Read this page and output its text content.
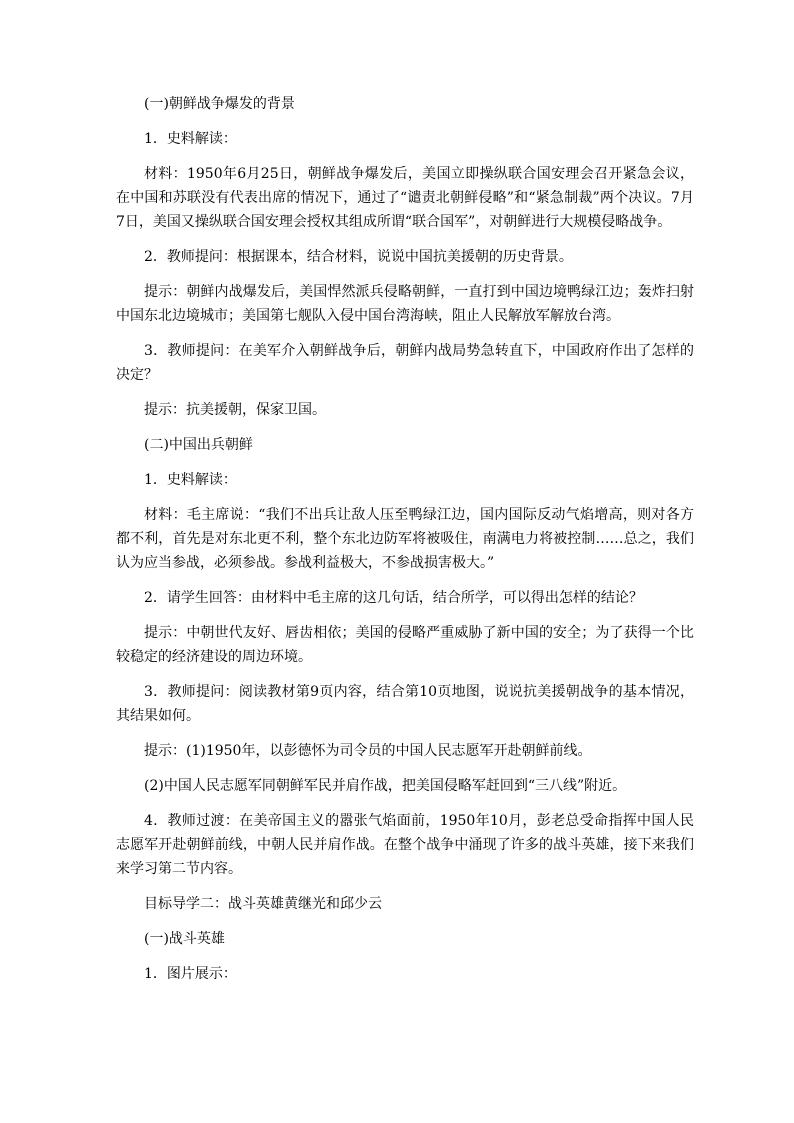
(一)朝鲜战争爆发的背景

1．史料解读：

材料：1950年6月25日，朝鲜战争爆发后，美国立即操纵联合国安理会召开紧急会议，在中国和苏联没有代表出席的情况下，通过了“谴责北朝鲜侵略”和“紧急制裁”两个决议。7月7日，美国又操纵联合国安理会授权其组成所谓“联合国军”，对朝鲜进行大规模侵略战争。

2．教师提问：根据课本，结合材料，说说中国抗美援朝的历史背景。

提示：朝鲜内战爆发后，美国悍然派兵侵略朝鲜，一直打到中国边境鸭绿江边；轰炸扫射中国东北边境城市；美国第七舰队入侵中国台湾海峡，阻止人民解放军解放台湾。

3．教师提问：在美军介入朝鲜战争后，朝鲜内战局势急转直下，中国政府作出了怎样的决定？

提示：抗美援朝，保家卫国。

(二)中国出兵朝鲜

1．史料解读：

材料：毛主席说：“我们不出兵让敌人压至鸭绿江边，国内国际反动气焰增高，则对各方都不利，首先是对东北更不利，整个东北边防军将被吸住，南满电力将被控制……总之，我们认为应当参战，必须参战。参战利益极大，不参战损害极大。”

2．请学生回答：由材料中毛主席的这几句话，结合所学，可以得出怎样的结论？

提示：中朝世代友好、唇齿相依；美国的侵略严重威胁了新中国的安全；为了获得一个比较稳定的经济建设的周边环境。

3．教师提问：阅读教材第9页内容，结合第10页地图，说说抗美援朝战争的基本情况，其结果如何。

提示：(1)1950年，以彭德怀为司令员的中国人民志愿军开赴朝鲜前线。

(2)中国人民志愿军同朝鲜军民并肩作战，把美国侵略军赶回到“三八线”附近。

4．教师过渡：在美帝国主义的嚣张气焰面前，1950年10月，彭老总受命指挥中国人民志愿军开赴朝鲜前线，中朝人民并肩作战。在整个战争中涌现了许多的战斗英雄，接下来我们来学习第二节内容。

目标导学二：战斗英雄黄继光和邱少云

(一)战斗英雄

1．图片展示：
